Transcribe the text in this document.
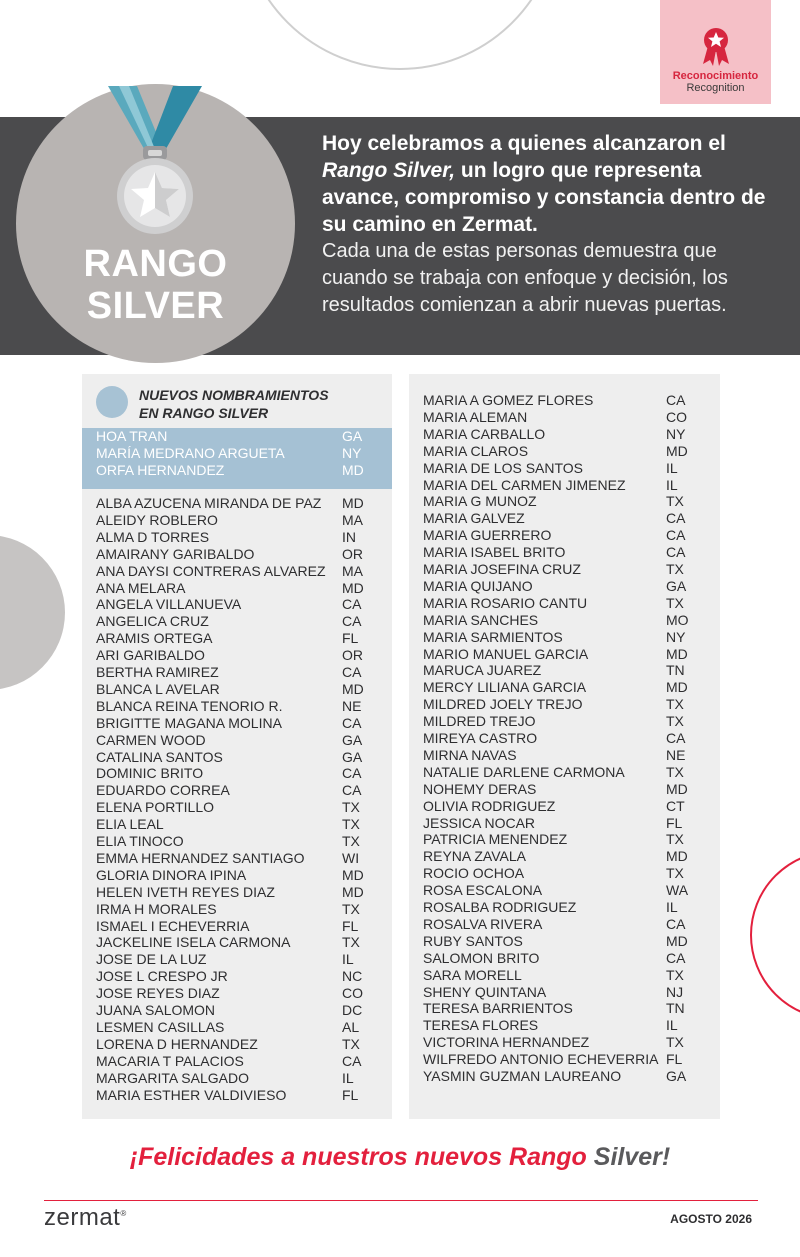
Reconocimiento
Recognition
RANGO
SILVER
Hoy celebramos a quienes alcanzaron el Rango Silver, un logro que representa avance, compromiso y constancia dentro de su camino en Zermat.
Cada una de estas personas demuestra que cuando se trabaja con enfoque y decisión, los resultados comienzan a abrir nuevas puertas.
NUEVOS NOMBRAMIENTOS
EN RANGO SILVER
HOA TRAN	GA
MARÍA MEDRANO ARGUETA	NY
ORFA HERNANDEZ	MD
ALBA AZUCENA MIRANDA DE PAZ MD
ALEIDY ROBLERO	MA
ALMA D TORRES	IN
AMAIRANY GARIBALDO	OR
ANA DAYSI CONTRERAS ALVAREZ MA
ANA MELARA	MD
ANGELA VILLANUEVA	CA
ANGELICA CRUZ	CA
ARAMIS ORTEGA	FL
ARI GARIBALDO	OR
BERTHA RAMIREZ	CA
BLANCA L AVELAR	MD
BLANCA REINA TENORIO R.	NE
BRIGITTE MAGANA MOLINA	CA
CARMEN WOOD	GA
CATALINA SANTOS	GA
DOMINIC BRITO	CA
EDUARDO CORREA	CA
ELENA PORTILLO	TX
ELIA LEAL	TX
ELIA TINOCO	TX
EMMA HERNANDEZ SANTIAGO	WI
GLORIA DINORA IPINA	MD
HELEN IVETH REYES DIAZ	MD
IRMA H MORALES	TX
ISMAEL I ECHEVERRIA	FL
JACKELINE ISELA CARMONA	TX
JOSE DE LA LUZ	IL
JOSE L CRESPO JR	NC
JOSE REYES DIAZ	CO
JUANA SALOMON	DC
LESMEN CASILLAS	AL
LORENA D HERNANDEZ	TX
MACARIA T PALACIOS	CA
MARGARITA SALGADO	IL
MARIA ESTHER VALDIVIESO	FL
MARIA A GOMEZ FLORES	CA
MARIA ALEMAN	CO
MARIA CARBALLO	NY
MARIA CLAROS	MD
MARIA DE LOS SANTOS	IL
MARIA DEL CARMEN JIMENEZ	IL
MARIA G MUNOZ	TX
MARIA GALVEZ	CA
MARIA GUERRERO	CA
MARIA ISABEL BRITO	CA
MARIA JOSEFINA CRUZ	TX
MARIA QUIJANO	GA
MARIA ROSARIO CANTU	TX
MARIA SANCHES	MO
MARIA SARMIENTOS	NY
MARIO MANUEL GARCIA	MD
MARUCA JUAREZ	TN
MERCY LILIANA GARCIA	MD
MILDRED JOELY TREJO	TX
MILDRED TREJO	TX
MIREYA CASTRO	CA
MIRNA NAVAS	NE
NATALIE DARLENE CARMONA	TX
NOHEMY DERAS	MD
OLIVIA RODRIGUEZ	CT
JESSICA NOCAR	FL
PATRICIA MENENDEZ	TX
REYNA ZAVALA	MD
ROCIO OCHOA	TX
ROSA ESCALONA	WA
ROSALBA RODRIGUEZ	IL
ROSALVA RIVERA	CA
RUBY SANTOS	MD
SALOMON BRITO	CA
SARA MORELL	TX
SHENY QUINTANA	NJ
TERESA BARRIENTOS	TN
TERESA FLORES	IL
VICTORINA HERNANDEZ	TX
WILFREDO ANTONIO ECHEVERRIA FL
YASMIN GUZMAN LAUREANO	GA
¡Felicidades a nuestros nuevos Rango Silver!
zermat®	AGOSTO 2026
